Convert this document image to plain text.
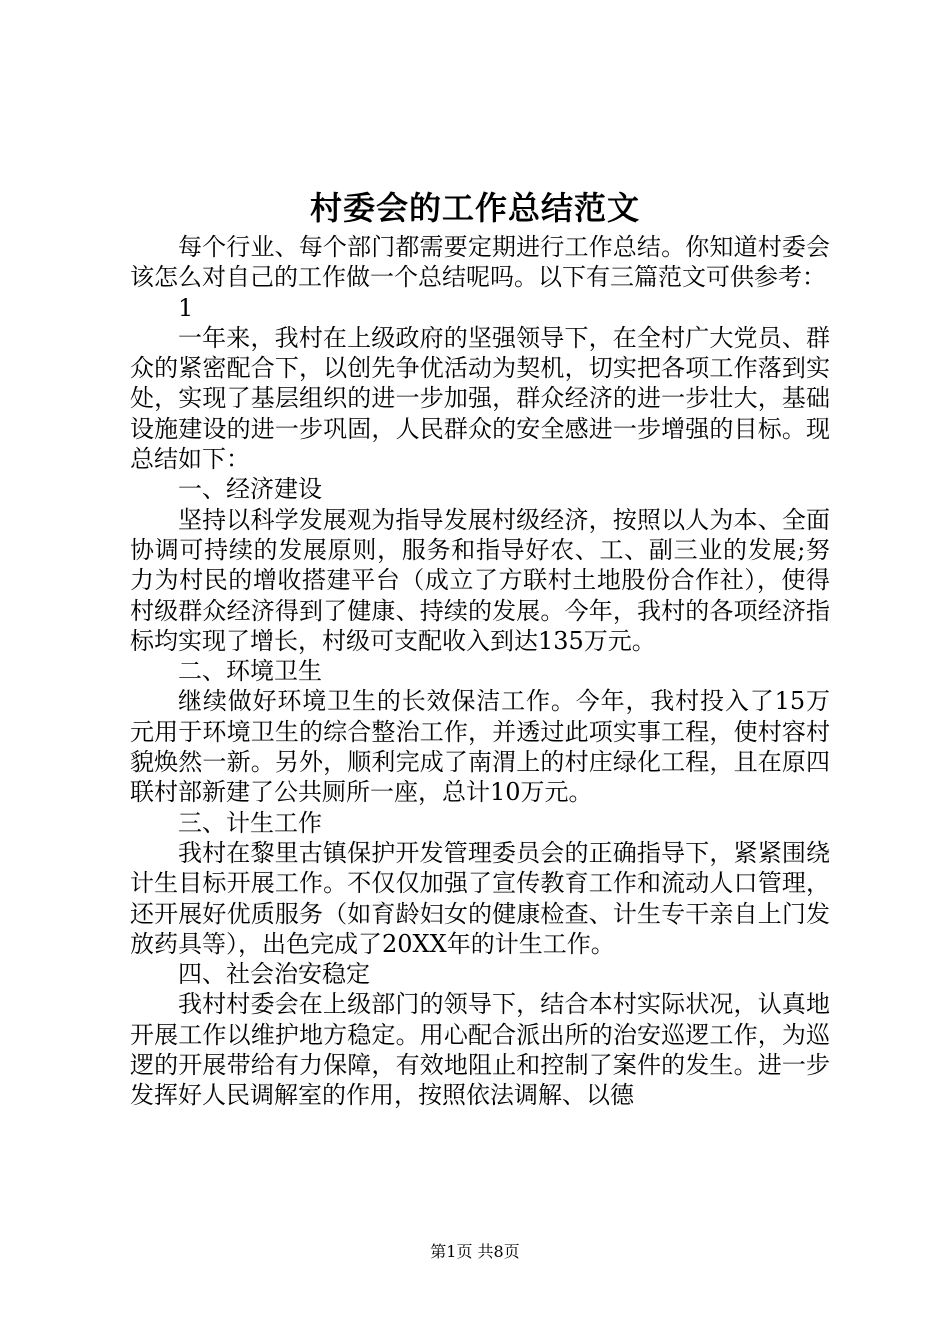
村委会的工作总结范文

每个行业、每个部门都需要定期进行工作总结。你知道村委会该怎么对自己的工作做一个总结呢吗。以下有三篇范文可供参考：

1

一年来，我村在上级政府的坚强领导下，在全村广大党员、群众的紧密配合下，以创先争优活动为契机，切实把各项工作落到实处，实现了基层组织的进一步加强，群众经济的进一步壮大，基础设施建设的进一步巩固，人民群众的安全感进一步增强的目标。现总结如下：

一、经济建设

坚持以科学发展观为指导发展村级经济，按照以人为本、全面协调可持续的发展原则，服务和指导好农、工、副三业的发展;努力为村民的增收搭建平台（成立了方联村土地股份合作社），使得村级群众经济得到了健康、持续的发展。今年，我村的各项经济指标均实现了增长，村级可支配收入到达135万元。

二、环境卫生

继续做好环境卫生的长效保洁工作。今年，我村投入了15万元用于环境卫生的综合整治工作，并透过此项实事工程，使村容村貌焕然一新。另外，顺利完成了南渭上的村庄绿化工程，且在原四联村部新建了公共厕所一座，总计10万元。

三、计生工作

我村在黎里古镇保护开发管理委员会的正确指导下，紧紧围绕计生目标开展工作。不仅仅加强了宣传教育工作和流动人口管理，还开展好优质服务（如育龄妇女的健康检查、计生专干亲自上门发放药具等），出色完成了20XX年的计生工作。

四、社会治安稳定

我村村委会在上级部门的领导下，结合本村实际状况，认真地开展工作以维护地方稳定。用心配合派出所的治安巡逻工作，为巡逻的开展带给有力保障，有效地阻止和控制了案件的发生。进一步发挥好人民调解室的作用，按照依法调解、以德

第1页 共8页
